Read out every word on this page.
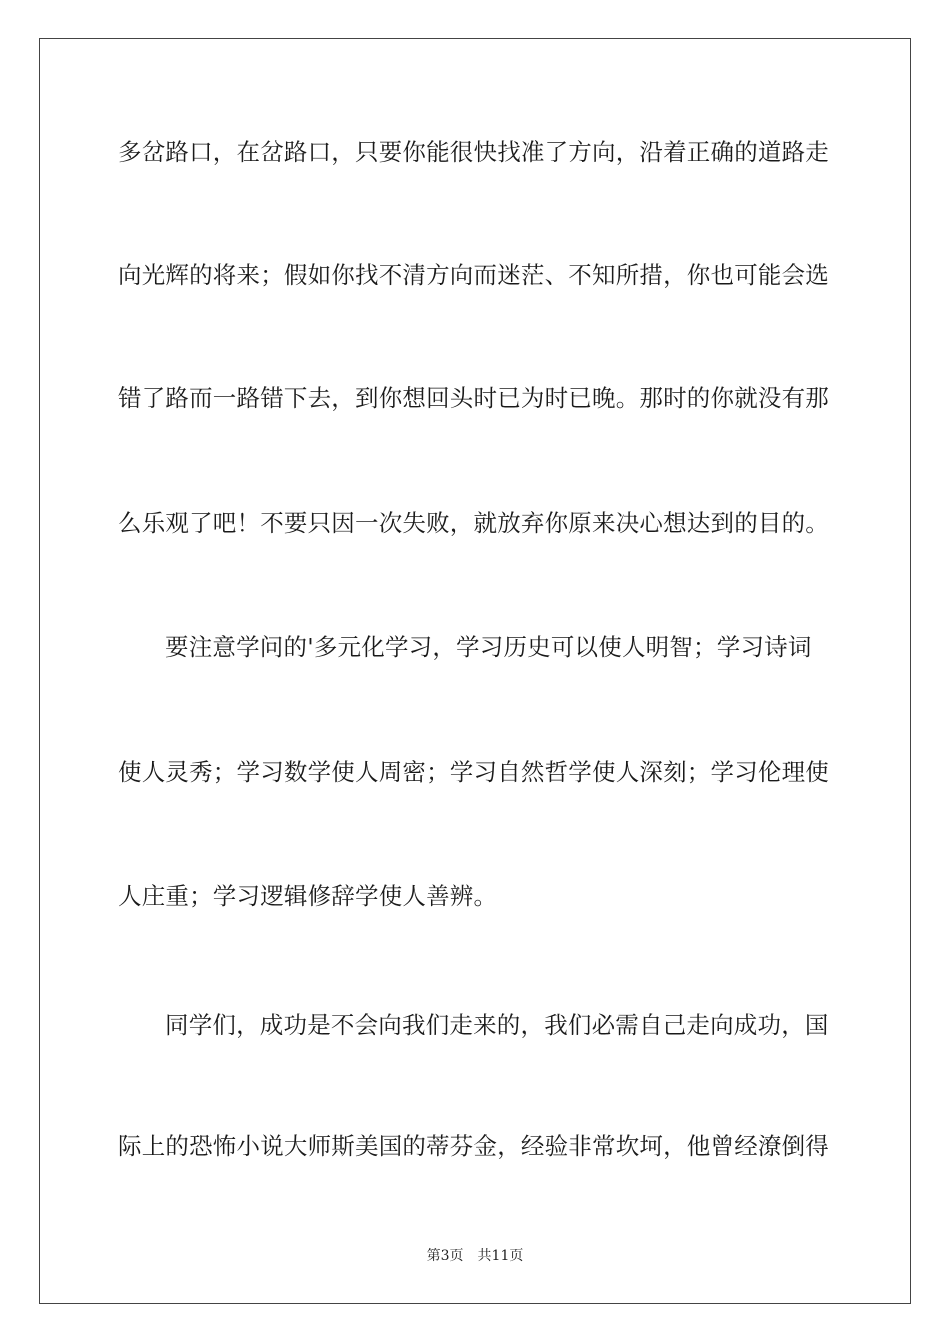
多岔路口，在岔路口，只要你能很快找准了方向，沿着正确的道路走
向光辉的将来；假如你找不清方向而迷茫、不知所措，你也可能会选
错了路而一路错下去，到你想回头时已为时已晚。那时的你就没有那
么乐观了吧！不要只因一次失败，就放弃你原来决心想达到的目的。
要注意学问的'多元化学习，学习历史可以使人明智；学习诗词
使人灵秀；学习数学使人周密；学习自然哲学使人深刻；学习伦理使
人庄重；学习逻辑修辞学使人善辨。
同学们，成功是不会向我们走来的，我们必需自己走向成功，国
际上的恐怖小说大师斯美国的蒂芬金，经验非常坎坷，他曾经潦倒得
第3页　共11页
